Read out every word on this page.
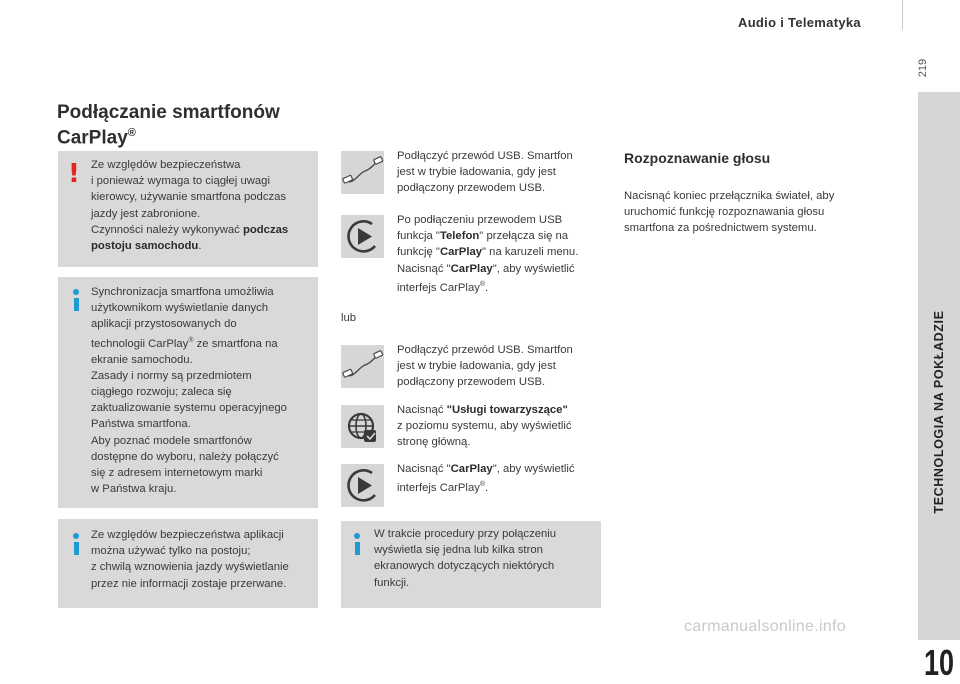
Audio i Telematyka
219
TECHNOLOGIA NA POKŁADZIE
10
Podłączanie smartfonów
CarPlay®
! Ze względów bezpieczeństwa
i ponieważ wymaga to ciągłej uwagi
kierowcy, używanie smartfona podczas
jazdy jest zabronione.
Czynności należy wykonywać podczas
postoju samochodu.
Synchronizacja smartfona umożliwia
użytkownikom wyświetlanie danych
aplikacji przystosowanych do
technologii CarPlay® ze smartfona na
ekranie samochodu.
Zasady i normy są przedmiotem
ciągłego rozwoju; zaleca się
zaktualizowanie systemu operacyjnego
Państwa smartfona.
Aby poznać modele smartfonów
dostępne do wyboru, należy połączyć
się z adresem internetowym marki
w Państwa kraju.
Ze względów bezpieczeństwa aplikacji
można używać tylko na postoju;
z chwilą wznowienia jazdy wyświetlanie
przez nie informacji zostaje przerwane.
Podłączyć przewód USB. Smartfon
jest w trybie ładowania, gdy jest
podłączony przewodem USB.
Po podłączeniu przewodem USB
funkcja "Telefon" przełącza się na
funkcję "CarPlay" na karuzeli menu.
Nacisnąć "CarPlay", aby wyświetlić
interfejs CarPlay®.
lub
Podłączyć przewód USB. Smartfon
jest w trybie ładowania, gdy jest
podłączony przewodem USB.
Nacisnąć "Usługi towarzyszące"
z poziomu systemu, aby wyświetlić
stronę główną.
Nacisnąć "CarPlay", aby wyświetlić
interfejs CarPlay®.
W trakcie procedury przy połączeniu
wyświetla się jedna lub kilka stron
ekranowych dotyczących niektórych
funkcji.
Rozpoznawanie głosu
Nacisnąć koniec przełącznika świateł, aby
uruchomić funkcję rozpoznawania głosu
smartfona za pośrednictwem systemu.
carmanualsonline.info
